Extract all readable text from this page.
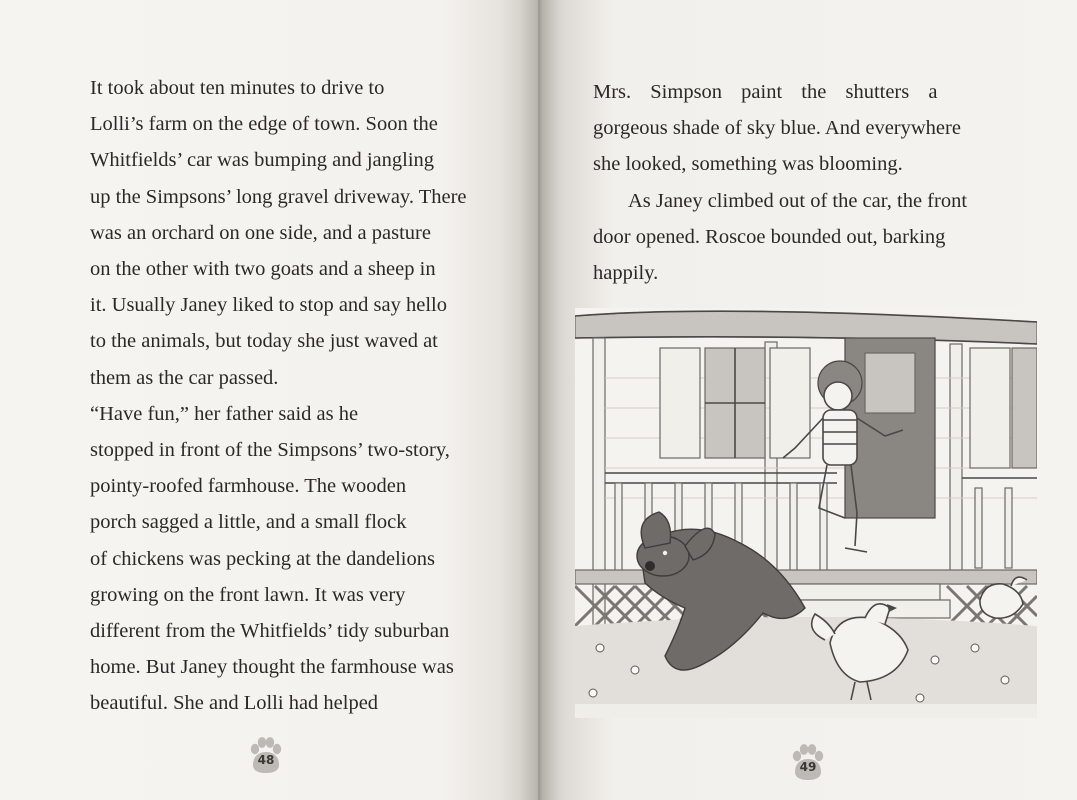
It took about ten minutes to drive to
Lolli’s farm on the edge of town. Soon the
Whitfields’ car was bumping and jangling
up the Simpsons’ long gravel driveway. There
was an orchard on one side, and a pasture
on the other with two goats and a sheep in
it. Usually Janey liked to stop and say hello
to the animals, but today she just waved at
them as the car passed.

“Have fun,” her father said as he
stopped in front of the Simpsons’ two-story,
pointy-roofed farmhouse. The wooden
porch sagged a little, and a small flock
of chickens was pecking at the dandelions
growing on the front lawn. It was very
different from the Whitfields’ tidy suburban
home. But Janey thought the farmhouse was
beautiful. She and Lolli had helped

48	49

Mrs. Simpson paint the shutters a
gorgeous shade of sky blue. And everywhere
she looked, something was blooming.

As Janey climbed out of the car, the front
door opened. Roscoe bounded out, barking
happily.
